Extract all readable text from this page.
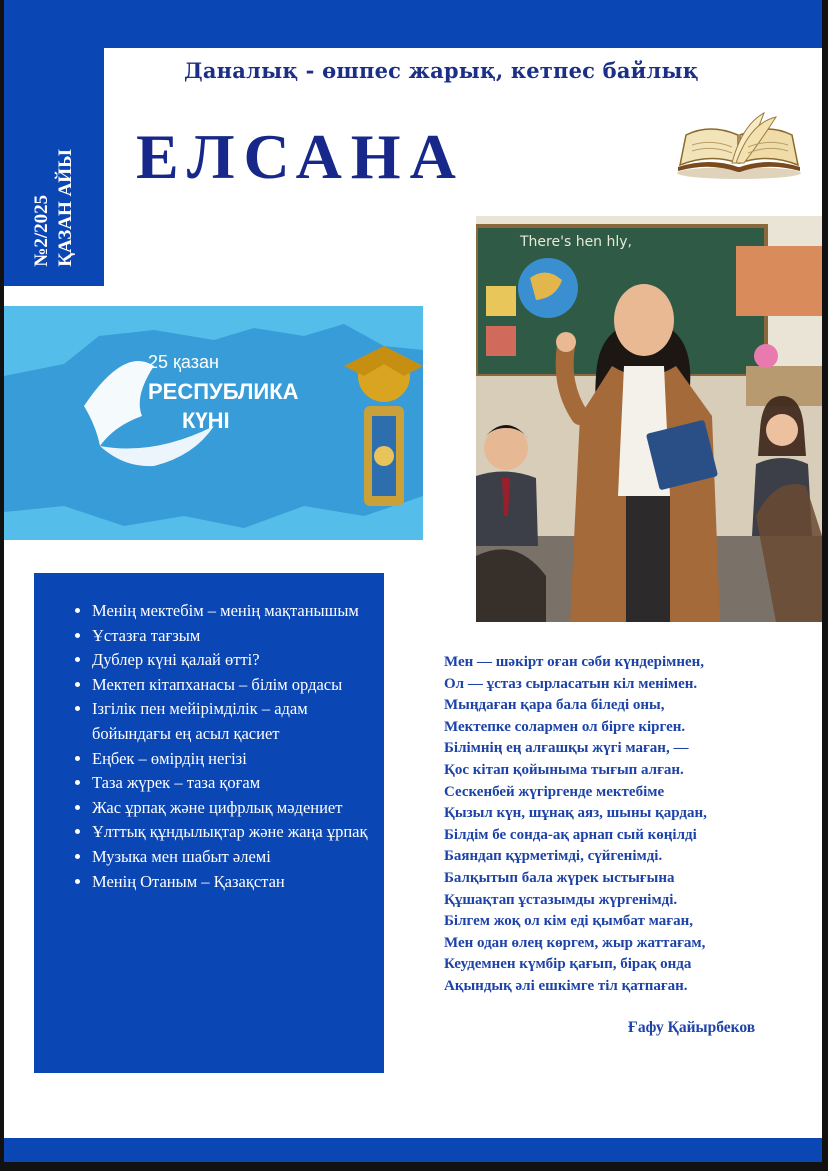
№2/2025 ҚАЗАН АЙЫ
Даналық - өшпес жарық, кетпес байлық
ЕЛСАНА
25 қазан
РЕСПУБЛИКА
КҮНІ
There's hen hly,
• Менің мектебім – менің мақтанышым
• Ұстазға тағзым
• Дублер күні қалай өтті?
• Мектеп кітапханасы – білім ордасы
• Ізгілік пен мейірімділік – адам бойындағы ең асыл қасиет
• Еңбек – өмірдің негізі
• Таза жүрек – таза қоғам
• Жас ұрпақ және цифрлық мәдениет
• Ұлттық құндылықтар және жаңа ұрпақ
• Музыка мен шабыт әлемі
• Менің Отаным – Қазақстан
Мен — шәкірт оған сәби күндерімнен,
Ол — ұстаз сырласатын кіл менімен.
Мыңдаған қара бала біледі оны,
Мектепке солармен ол бірге кірген.
Білімнің ең алғашқы жүгі маған, —
Қос кітап қойыныма тығып алған.
Сескенбей жүгіргенде мектебіме
Қызыл күн, шұнақ аяз, шыны қардан,
Білдім бе сонда-ақ арнап сый көңілді
Баяндап құрметімді, сүйгенімді.
Балқытып бала жүрек ыстығына
Құшақтап ұстазымды жүргенімді.
Білгем жоқ ол кім еді қымбат маған,
Мен одан өлең көргем, жыр жаттағам,
Кеудемнен күмбір қағып, бірақ онда
Ақындық әлі ешкімге тіл қатпаған.
Ғафу Қайырбеков
